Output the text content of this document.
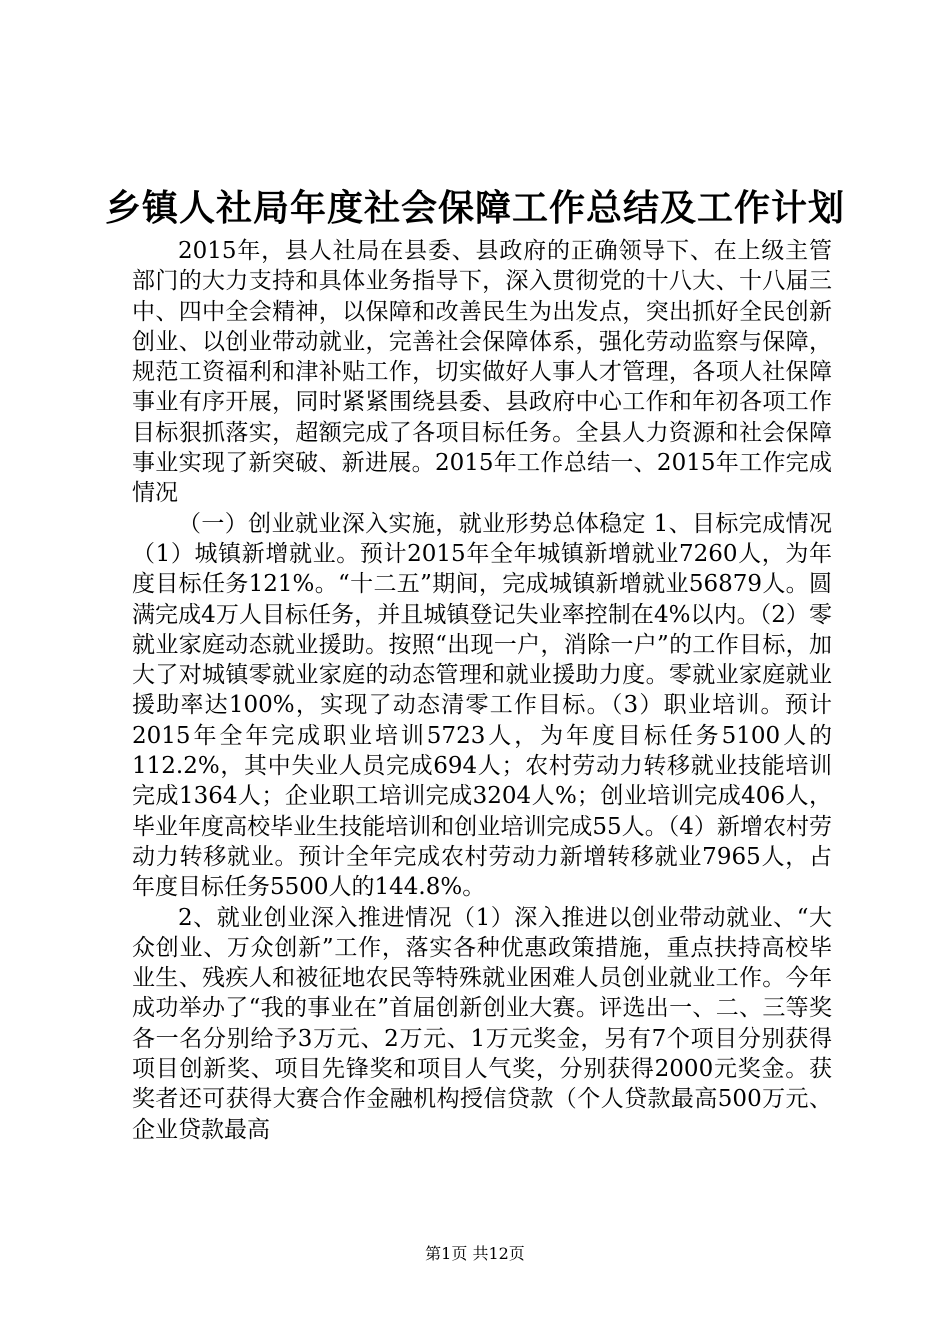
乡镇人社局年度社会保障工作总结及工作计划

2015年，县人社局在县委、县政府的正确领导下、在上级主管部门的大力支持和具体业务指导下，深入贯彻党的十八大、十八届三中、四中全会精神，以保障和改善民生为出发点，突出抓好全民创新创业、以创业带动就业，完善社会保障体系，强化劳动监察与保障，规范工资福利和津补贴工作，切实做好人事人才管理，各项人社保障事业有序开展，同时紧紧围绕县委、县政府中心工作和年初各项工作目标狠抓落实，超额完成了各项目标任务。全县人力资源和社会保障事业实现了新突破、新进展。2015年工作总结一、2015年工作完成情况

（一）创业就业深入实施，就业形势总体稳定 1、目标完成情况（1）城镇新增就业。预计2015年全年城镇新增就业7260人，为年度目标任务121%。“十二五”期间，完成城镇新增就业56879人。圆满完成4万人目标任务，并且城镇登记失业率控制在4%以内。（2）零就业家庭动态就业援助。按照“出现一户，消除一户”的工作目标，加大了对城镇零就业家庭的动态管理和就业援助力度。零就业家庭就业援助率达100%，实现了动态清零工作目标。（3）职业培训。预计2015年全年完成职业培训5723人，为年度目标任务5100人的112.2%，其中失业人员完成694人；农村劳动力转移就业技能培训完成1364人；企业职工培训完成3204人%；创业培训完成406人，毕业年度高校毕业生技能培训和创业培训完成55人。（4）新增农村劳动力转移就业。预计全年完成农村劳动力新增转移就业7965人，占年度目标任务5500人的144.8%。

2、就业创业深入推进情况（1）深入推进以创业带动就业、“大众创业、万众创新”工作，落实各种优惠政策措施，重点扶持高校毕业生、残疾人和被征地农民等特殊就业困难人员创业就业工作。今年成功举办了“我的事业在”首届创新创业大赛。评选出一、二、三等奖各一名分别给予3万元、2万元、1万元奖金，另有7个项目分别获得项目创新奖、项目先锋奖和项目人气奖，分别获得2000元奖金。获奖者还可获得大赛合作金融机构授信贷款（个人贷款最高500万元、企业贷款最高

第1页 共12页
